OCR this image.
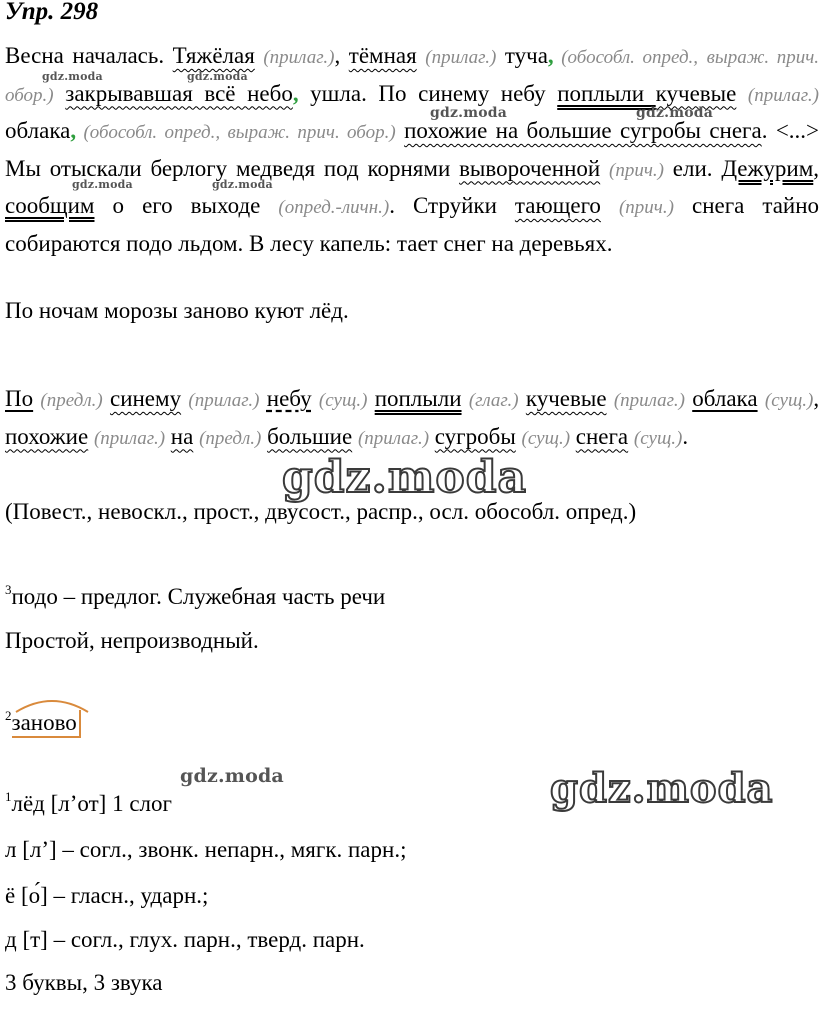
Упр. 298
Весна началась. Тяжёлая (прилаг.), тёмная (прилаг.) туча, (обособл. опред., выраж. прич. обор.) закрывавшая всё небо, ушла. По синему небу поплыли кучевые (прилаг.) облака, (обособл. опред., выраж. прич. обор.) похожие на большие сугробы снега. <...> Мы отыскали берлогу медведя под корнями вывороченной (прич.) ели. Дежурим, сообщим о его выходе (опред.-личн.). Струйки тающего (прич.) снега тайно собираются подо льдом. В лесу капель: тает снег на деревьях.
По ночам морозы заново куют лёд.
По (предл.) синему (прилаг.) небу (сущ.) поплыли (глаг.) кучевые (прилаг.) облака (сущ.), похожие (прилаг.) на (предл.) большие (прилаг.) сугробы (сущ.) снега (сущ.).
(Повест., невоскл., прост., двусост., распр., осл. обособл. опред.)
$^3$подо – предлог. Служебная часть речи
Простой, непроизводный.
$^2$
заново
$^1$лёд [л’от] 1 слог
л [л’] – согл., звонк. непарн., мягк. парн.;
ё [о́] – гласн., ударн.;
д [т] – согл., глух. парн., тверд. парн.
3 буквы, 3 звука
gdz.moda	gdz.moda
gdz.moda	gdz.moda
gdz.moda	gdz.moda
gdz.moda
gdz.moda	gdz.moda
